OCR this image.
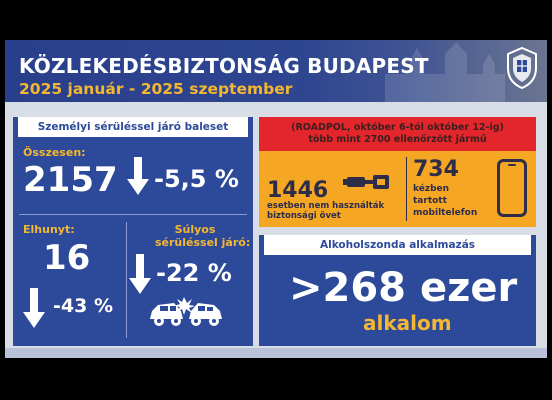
KÖZLEKEDÉSBIZTONSÁG BUDAPEST
2025 január - 2025 szeptember
Személyi sérüléssel járó baleset
Összesen:
2157 -5,5 %
Elhunyt:
16
-43 %
Súlyos
sérüléssel járó:
-22 %
(ROADPOL, október 6-tól október 12-ig)
több mint 2700 ellenőrzött jármű
1446
esetben nem használták
biztonsági övet
734
kézben
tartott
mobiltelefon
Alkoholszonda alkalmazás
>268 ezer
alkalom
